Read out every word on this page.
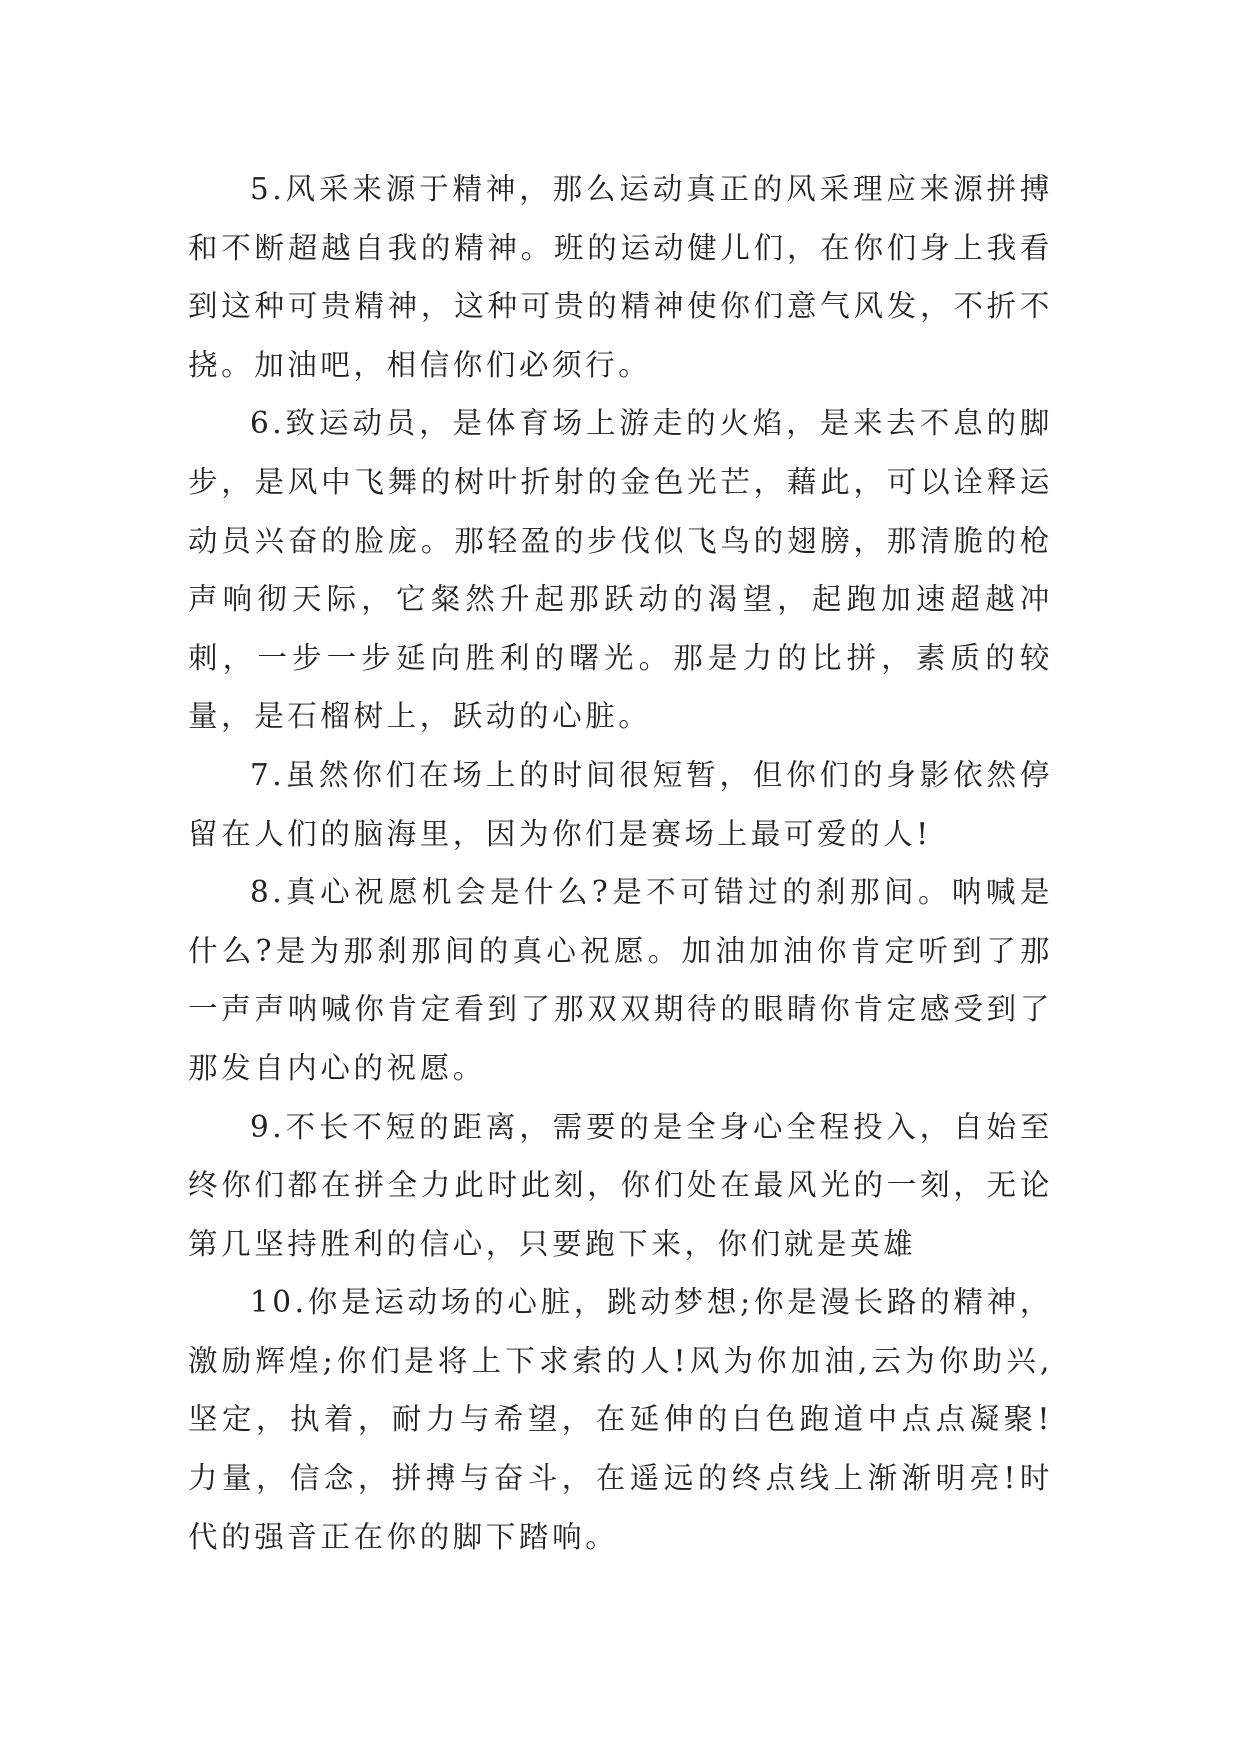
5.风采来源于精神，那么运动真正的风采理应来源拼搏和不断超越自我的精神。班的运动健儿们，在你们身上我看到这种可贵精神，这种可贵的精神使你们意气风发，不折不挠。加油吧，相信你们必须行。

6.致运动员，是体育场上游走的火焰，是来去不息的脚步，是风中飞舞的树叶折射的金色光芒，藉此，可以诠释运动员兴奋的脸庞。那轻盈的步伐似飞鸟的翅膀，那清脆的枪声响彻天际，它粲然升起那跃动的渴望，起跑加速超越冲刺，一步一步延向胜利的曙光。那是力的比拼，素质的较量，是石榴树上，跃动的心脏。

7.虽然你们在场上的时间很短暂，但你们的身影依然停留在人们的脑海里，因为你们是赛场上最可爱的人!

8.真心祝愿机会是什么?是不可错过的刹那间。呐喊是什么?是为那刹那间的真心祝愿。加油加油你肯定听到了那一声声呐喊你肯定看到了那双双期待的眼睛你肯定感受到了那发自内心的祝愿。

9.不长不短的距离，需要的是全身心全程投入，自始至终你们都在拼全力此时此刻，你们处在最风光的一刻，无论第几坚持胜利的信心，只要跑下来，你们就是英雄

10.你是运动场的心脏，跳动梦想;你是漫长路的精神，激励辉煌;你们是将上下求索的人!风为你加油,云为你助兴,坚定，执着，耐力与希望，在延伸的白色跑道中点点凝聚!力量，信念，拼搏与奋斗，在遥远的终点线上渐渐明亮!时代的强音正在你的脚下踏响。
